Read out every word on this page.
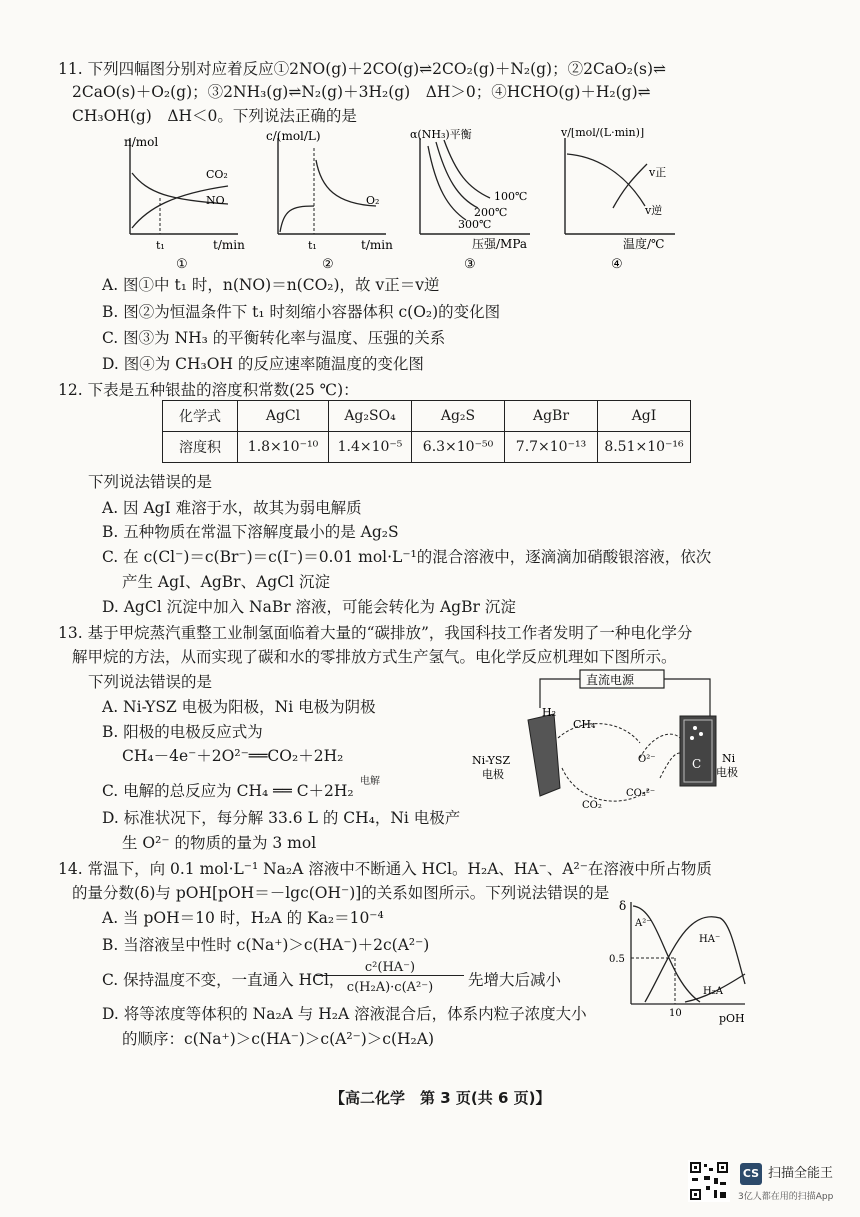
11. 下列四幅图分别对应着反应①2NO(g)＋2CO(g)⇌2CO₂(g)＋N₂(g)；②2CaO₂(s)⇌
2CaO(s)＋O₂(g)；③2NH₃(g)⇌N₂(g)＋3H₂(g)　ΔH＞0；④HCHO(g)＋H₂(g)⇌
CH₃OH(g)　ΔH＜0。下列说法正确的是
n/mol
t/min
t₁
CO₂
NO
①
c/(mol/L)
t/min
t₁
O₂
②
α(NH₃)平衡
压强/MPa
100℃
200℃
300℃
③
v/[mol/(L·min)]
温度/℃
v正
v逆
④
A. 图①中 t₁ 时，n(NO)＝n(CO₂)，故 v正＝v逆
B. 图②为恒温条件下 t₁ 时刻缩小容器体积 c(O₂)的变化图
C. 图③为 NH₃ 的平衡转化率与温度、压强的关系
D. 图④为 CH₃OH 的反应速率随温度的变化图
12. 下表是五种银盐的溶度积常数(25 ℃)：
化学式	AgCl	Ag₂SO₄	Ag₂S	AgBr	AgI
溶度积	1.8×10⁻¹⁰	1.4×10⁻⁵	6.3×10⁻⁵⁰	7.7×10⁻¹³	8.51×10⁻¹⁶
下列说法错误的是
A. 因 AgI 难溶于水，故其为弱电解质
B. 五种物质在常温下溶解度最小的是 Ag₂S
C. 在 c(Cl⁻)＝c(Br⁻)＝c(I⁻)＝0.01 mol·L⁻¹的混合溶液中，逐滴滴加硝酸银溶液，依次
产生 AgI、AgBr、AgCl 沉淀
D. AgCl 沉淀中加入 NaBr 溶液，可能会转化为 AgBr 沉淀
13. 基于甲烷蒸汽重整工业制氢面临着大量的“碳排放”，我国科技工作者发明了一种电化学分
解甲烷的方法，从而实现了碳和水的零排放方式生产氢气。电化学反应机理如下图所示。
下列说法错误的是
A. Ni-YSZ 电极为阳极，Ni 电极为阴极
B. 阳极的电极反应式为
CH₄－4e⁻＋2O²⁻══CO₂＋2H₂
C. 电解的总反应为 CH₄ ══ C＋2H₂
电解
D. 标准状况下，每分解 33.6 L 的 CH₄，Ni 电极产
生 O²⁻ 的物质的量为 3 mol
直流电源
H₂
CH₄
O²⁻	C
CO₃²⁻
CO₂
Ni-YSZ
电极
Ni
电极
14. 常温下，向 0.1 mol·L⁻¹ Na₂A 溶液中不断通入 HCl。H₂A、HA⁻、A²⁻在溶液中所占物质
的量分数(δ)与 pOH[pOH＝－lgc(OH⁻)]的关系如图所示。下列说法错误的是
A. 当 pOH＝10 时，H₂A 的 Ka₂＝10⁻⁴
B. 当溶液呈中性时 c(Na⁺)＞c(HA⁻)＋2c(A²⁻)
C. 保持温度不变，一直通入 HCl，
c²(HA⁻)
c(H₂A)·c(A²⁻)	先增大后减小
D. 将等浓度等体积的 Na₂A 与 H₂A 溶液混合后，体系内粒子浓度大小
的顺序：c(Na⁺)＞c(HA⁻)＞c(A²⁻)＞c(H₂A)
δ
pOH
0.5
10
A²⁻
HA⁻
H₂A
【高二化学　第 3 页(共 6 页)】
CS 扫描全能王
3亿人都在用的扫描App
